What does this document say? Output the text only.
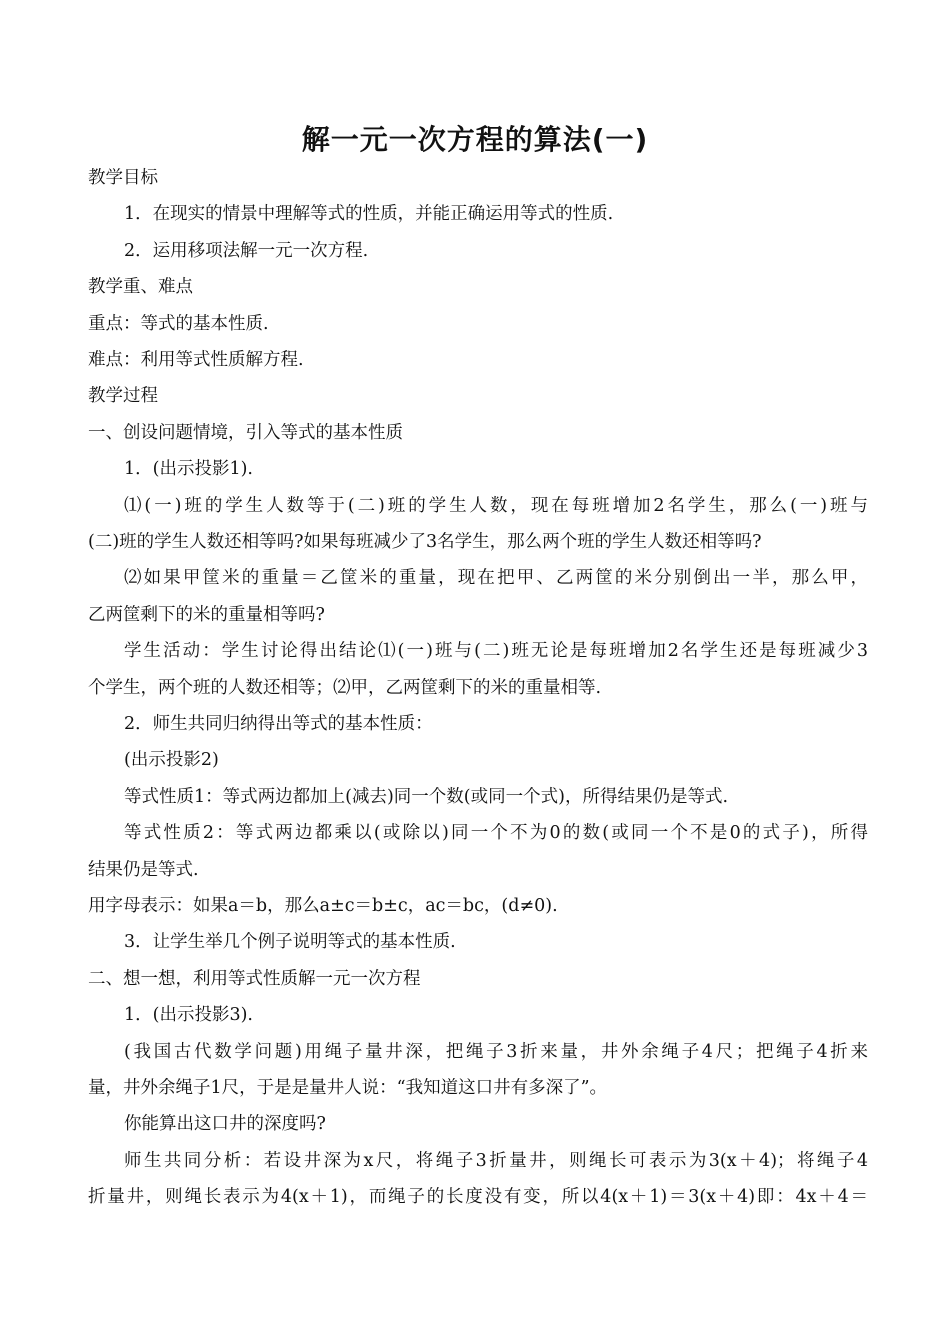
解一元一次方程的算法(一)
教学目标
1．在现实的情景中理解等式的性质，并能正确运用等式的性质.
2．运用移项法解一元一次方程.
教学重、难点
重点：等式的基本性质.
难点：利用等式性质解方程.
教学过程
一、创设问题情境，引入等式的基本性质
1．(出示投影1).
⑴(一)班的学生人数等于(二)班的学生人数，现在每班增加2名学生，那么(一)班与
(二)班的学生人数还相等吗?如果每班减少了3名学生，那么两个班的学生人数还相等吗?
⑵如果甲筐米的重量＝乙筐米的重量，现在把甲、乙两筐的米分别倒出一半，那么甲，
乙两筐剩下的米的重量相等吗?
学生活动：学生讨论得出结论⑴(一)班与(二)班无论是每班增加2名学生还是每班减少3
个学生，两个班的人数还相等；⑵甲，乙两筐剩下的米的重量相等.
2．师生共同归纳得出等式的基本性质：
(出示投影2)
等式性质1：等式两边都加上(减去)同一个数(或同一个式)，所得结果仍是等式.
等式性质2：等式两边都乘以(或除以)同一个不为0的数(或同一个不是0的式子)，所得
结果仍是等式.
用字母表示：如果a＝b，那么a±c＝b±c，ac＝bc，(d≠0).
3．让学生举几个例子说明等式的基本性质.
二、想一想，利用等式性质解一元一次方程
1．(出示投影3).
(我国古代数学问题)用绳子量井深，把绳子3折来量，井外余绳子4尺；把绳子4折来
量，井外余绳子1尺，于是是量井人说：“我知道这口井有多深了”。
你能算出这口井的深度吗?
师生共同分析：若设井深为x尺，将绳子3折量井，则绳长可表示为3(x＋4)；将绳子4
折量井，则绳长表示为4(x＋1)，而绳子的长度没有变，所以4(x＋1)＝3(x＋4)即：4x＋4＝
